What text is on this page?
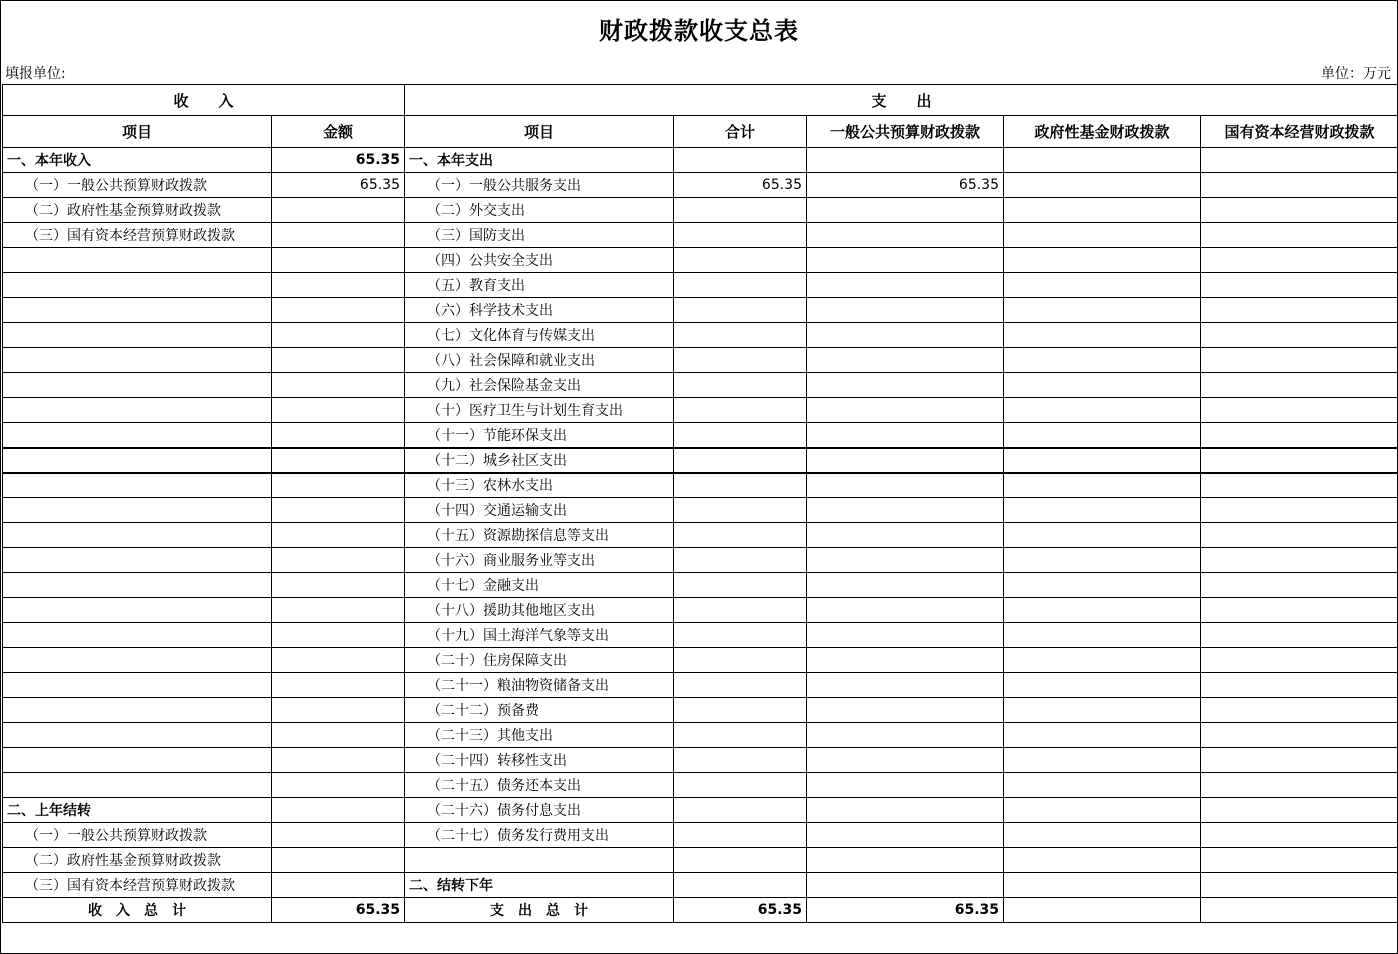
财政拨款收支总表
填报单位:	单位：万元
收　　入		支　　出				
项目	金额	项目	合计	一般公共预算财政拨款	政府性基金财政拨款	国有资本经营财政拨款
一、本年收入	65.35	一、本年支出				
（一）一般公共预算财政拨款	65.35	（一）一般公共服务支出	65.35	65.35		
（二）政府性基金预算财政拨款		（二）外交支出				
（三）国有资本经营预算财政拨款		（三）国防支出				
		（四）公共安全支出				
		（五）教育支出				
		（六）科学技术支出				
		（七）文化体育与传媒支出				
		（八）社会保障和就业支出				
		（九）社会保险基金支出				
		（十）医疗卫生与计划生育支出				
		（十一）节能环保支出				
		（十二）城乡社区支出				
		（十三）农林水支出				
		（十四）交通运输支出				
		（十五）资源勘探信息等支出				
		（十六）商业服务业等支出				
		（十七）金融支出				
		（十八）援助其他地区支出				
		（十九）国土海洋气象等支出				
		（二十）住房保障支出				
		（二十一）粮油物资储备支出				
		（二十二）预备费				
		（二十三）其他支出				
		（二十四）转移性支出				
		（二十五）债务还本支出				
二、上年结转		（二十六）债务付息支出				
（一）一般公共预算财政拨款		（二十七）债务发行费用支出				
（二）政府性基金预算财政拨款						
（三）国有资本经营预算财政拨款		二、结转下年				
收　入　总　计	65.35	支　出　总　计	65.35	65.35		
